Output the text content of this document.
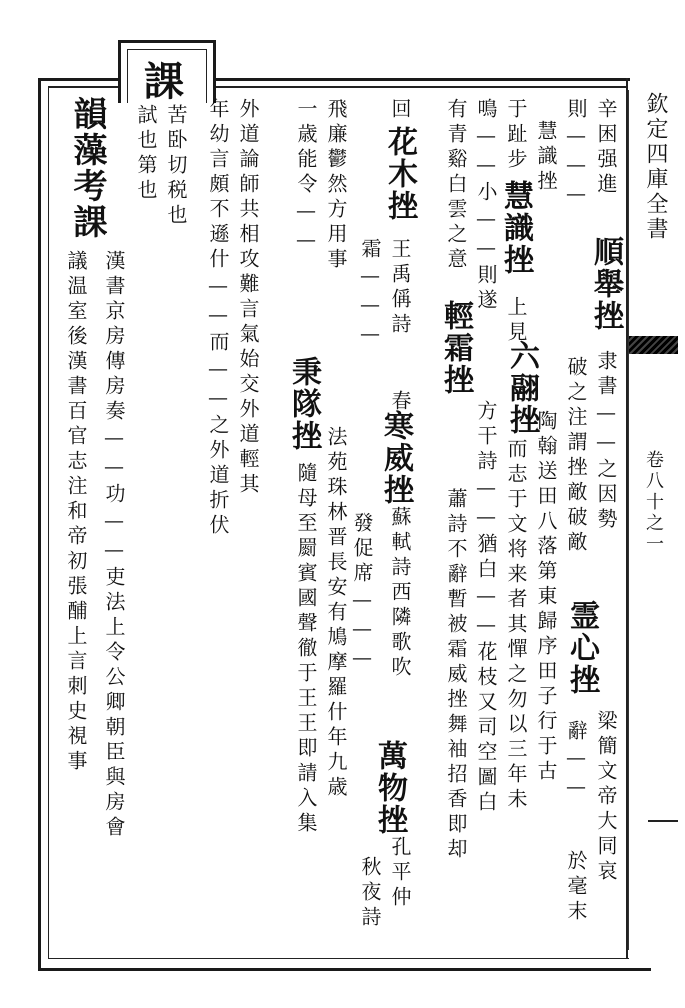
課
欽定四庫全書
卷八十之一
辛困强進
順舉挫
隶書——之因勢
則———
破之注謂挫敵破敵
霊心挫
梁簡文帝大同哀
慧識挫
辭——
於毫末
于趾步
慧識挫
上見
六翮挫
陶翰送田八落第東歸序田子行于古
鳴——小——則遂
而志于文将来者其憚之勿以三年未
有青谿白雲之意
輕霜挫
方干詩——猶白——花枝又司空圖白
回
花木挫
王禹偁詩
春
蕭詩不辭暫被霜威挫舞袖招香即却
霜———
寒威挫
蘇軾詩西隣歌吹
萬物挫
孔平仲
發促席———
秋夜詩
飛廉鬱然方用事
秉隊挫
法苑珠林晋長安有鳩摩羅什年九歳
一歳能令——
隨母至罽賓國聲徹于王王即請入集
外道論師共相攻難言氣始交外道輕其
年幼言頗不遜什——而——之外道折伏
苦卧切税也
試也第也
韻藻考課
漢書京房傳房奏——功——吏法上令公卿朝臣與房會
議温室後漢書百官志注和帝初張酺上言刺史視事
